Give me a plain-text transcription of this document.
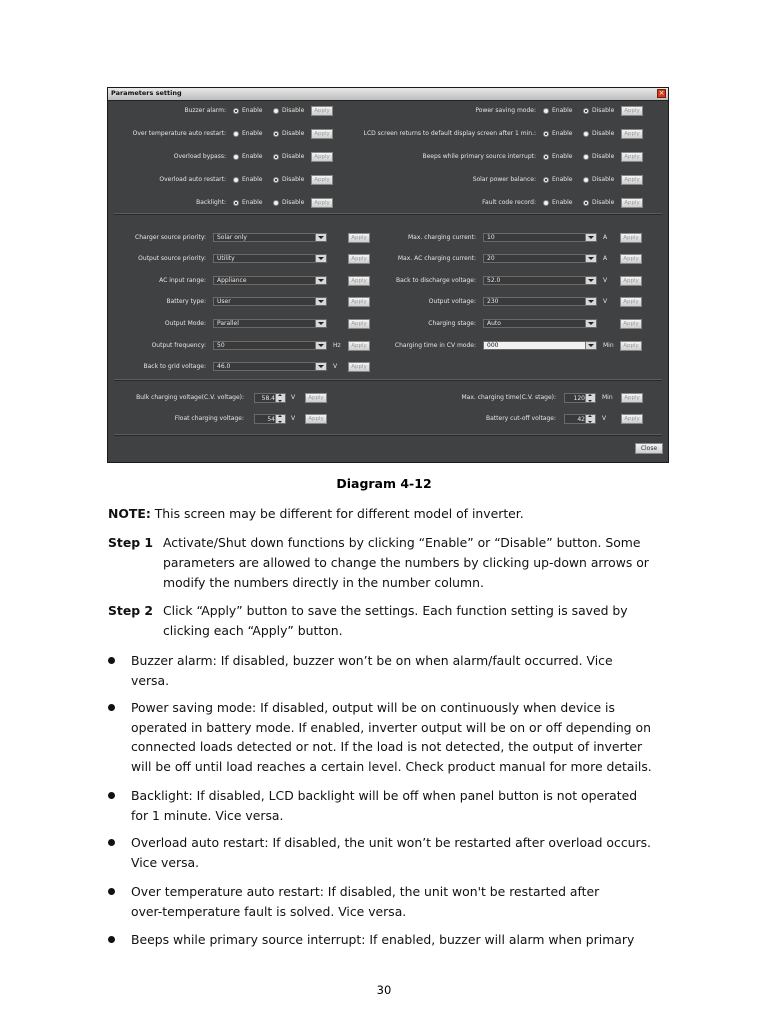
Parameters setting	×
Buzzer alarm:	Enable	Disable	Apply
Over temperature auto restart:	Enable	Disable	Apply
Overload bypass:	Enable	Disable	Apply
Overload auto restart:	Enable	Disable	Apply
Backlight:	Enable	Disable	Apply
Power saving mode:	Enable	Disable	Apply
LCD screen returns to default display screen after 1 min.:	Enable	Disable	Apply
Beeps while primary source interrupt:	Enable	Disable	Apply
Solar power balance:	Enable	Disable	Apply
Fault code record:	Enable	Disable	Apply
Charger source priority: Solar only	Apply
Output source priority: Utility	Apply
AC input range: Appliance	Apply
Battery type: User	Apply
Output Mode: Parallel	Apply
Output frequency: 50	Hz	Apply
Back to grid voltage: 46.0	V	Apply
Max. charging current: 10	A	Apply
Max. AC charging current: 20	A	Apply
Back to discharge voltage: 52.0	V	Apply
Output voltage: 230	V	Apply
Charging stage: Auto	Apply
Charging time in CV mode: 000	Min	Apply
Bulk charging voltage(C.V. voltage):	58.4	V	Apply
Float charging voltage:	54	V	Apply
Max. charging time(C.V. stage):	120	Min	Apply
Battery cut-off voltage:	42	V	Apply
Close
Diagram 4-12
NOTE: This screen may be different for different model of inverter.
Step 1 Activate/Shut down functions by clicking “Enable” or “Disable” button. Some
parameters are allowed to change the numbers by clicking up-down arrows or
modify the numbers directly in the number column.
Step 2 Click “Apply” button to save the settings. Each function setting is saved by
clicking each “Apply” button.
Buzzer alarm: If disabled, buzzer won’t be on when alarm/fault occurred. Vice
versa.
Power saving mode: If disabled, output will be on continuously when device is
operated in battery mode. If enabled, inverter output will be on or off depending on
connected loads detected or not. If the load is not detected, the output of inverter
will be off until load reaches a certain level. Check product manual for more details.
Backlight: If disabled, LCD backlight will be off when panel button is not operated
for 1 minute. Vice versa.
Overload auto restart: If disabled, the unit won’t be restarted after overload occurs.
Vice versa.
Over temperature auto restart: If disabled, the unit won't be restarted after
over-temperature fault is solved. Vice versa.
Beeps while primary source interrupt: If enabled, buzzer will alarm when primary
30
